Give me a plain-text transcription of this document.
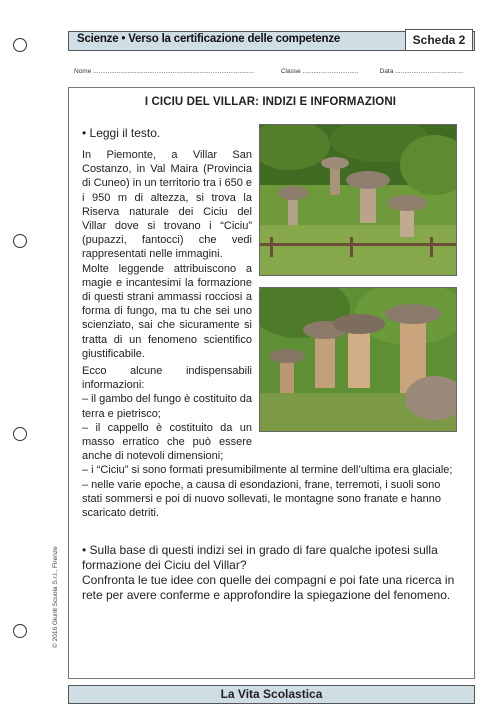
Scienze • Verso la certificazione delle competenze	Scheda 2
Nome .........................................................................................	Classe ...............................	Data ......................................
I CICIU DEL VILLAR: INDIZI E INFORMAZIONI
• Leggi il testo.
In Piemonte, a Villar San Costanzo, in Val Maira (Provincia di Cuneo) in un territorio tra i 650 e i 950 m di altezza, si trova la Riserva naturale dei Ciciu del Villar dove si trovano i “Ciciu” (pupazzi, fantocci) che vedi rappresentati nelle immagini.
Molte leggende attribuiscono a magie e incantesimi la formazione di questi strani ammassi rocciosi a forma di fungo, ma tu che sei uno scienziato, sai che sicuramente si tratta di un fenomeno scientifico giustificabile.
Ecco alcune indispensabili informazioni:
– il gambo del fungo è costituito da terra e pietrisco;
– il cappello è costituito da un masso erratico che può essere anche di notevoli dimensioni;
– i “Ciciu” si sono formati presumibilmente al termine dell’ultima era glaciale;
– nelle varie epoche, a causa di esondazioni, frane, terremoti, i suoli sono stati sommersi e poi di nuovo sollevati, le montagne sono franate e hanno scaricato detriti.
• Sulla base di questi indizi sei in grado di fare qualche ipotesi sulla formazione dei Ciciu del Villar?
Confronta le tue idee con quelle dei compagni e poi fate una ricerca in rete per avere conferme e approfondire la spiegazione del fenomeno.
© 2016 Giunti Scuola S.r.l., Firenze
La Vita Scolastica
